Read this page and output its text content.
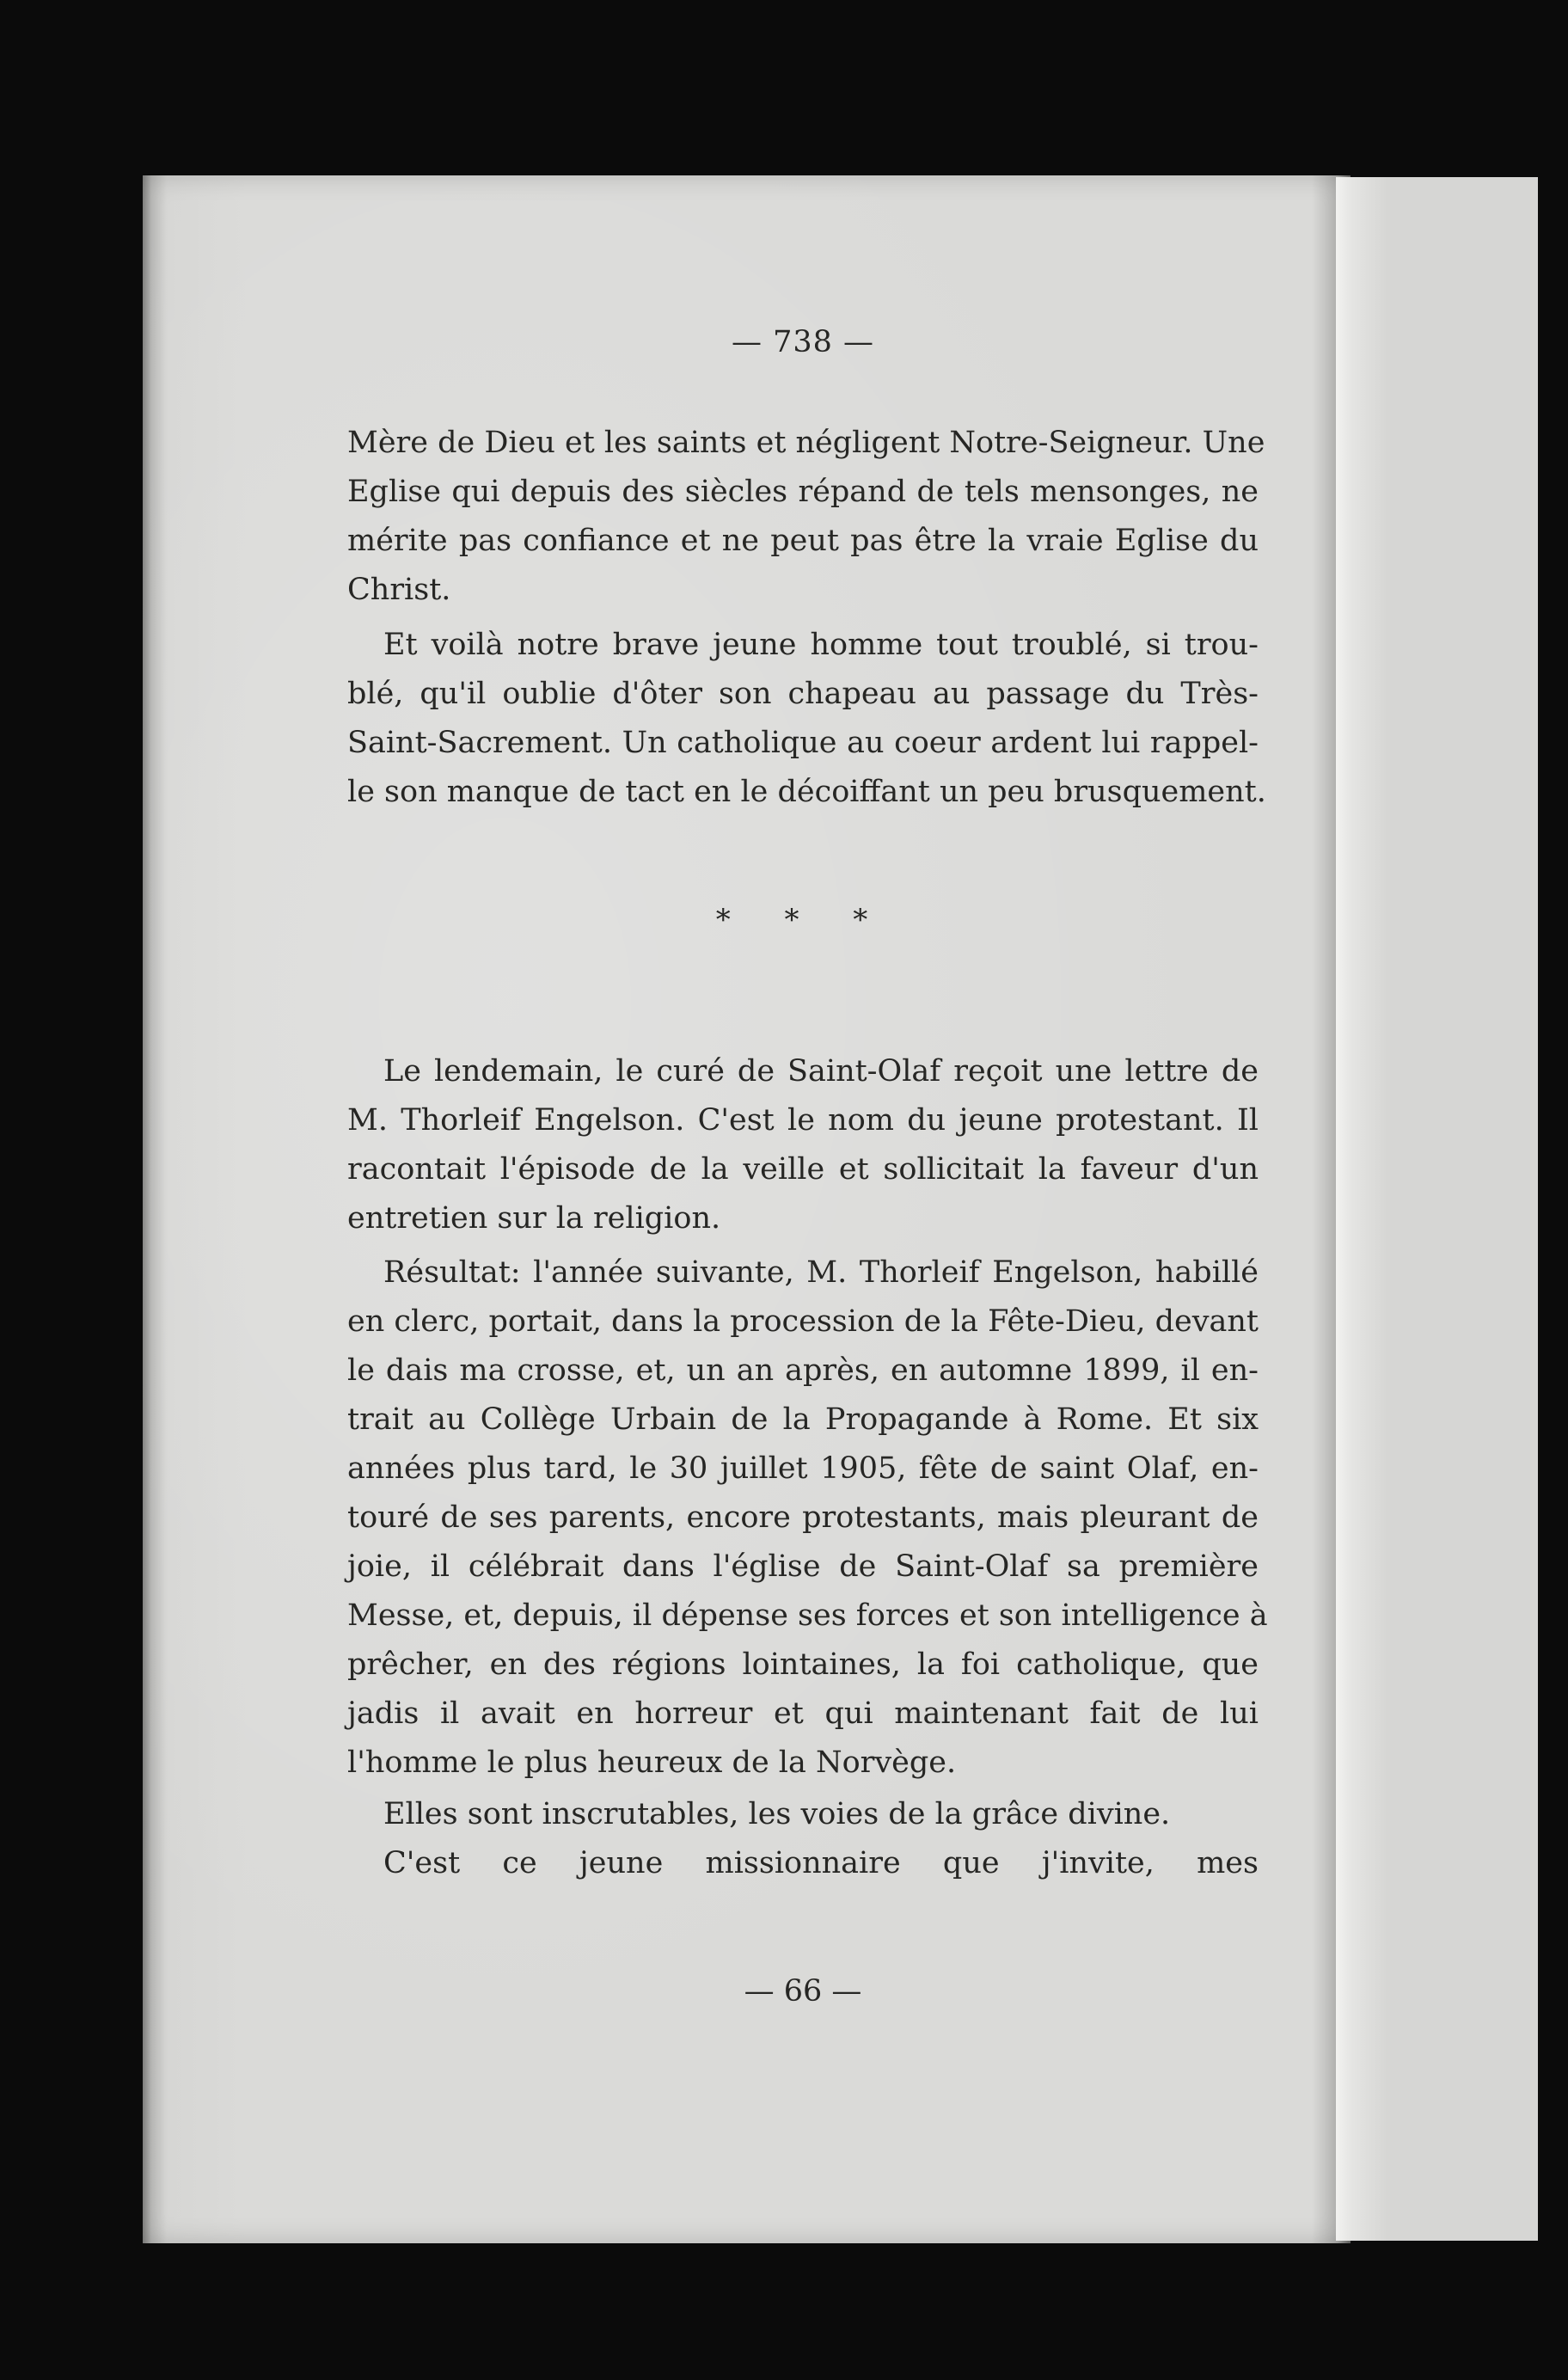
— 738 —
Mère de Dieu et les saints et négligent Notre-Seigneur. Une
Eglise qui depuis des siècles répand de tels mensonges, ne
mérite pas confiance et ne peut pas être la vraie Eglise du
Christ.
Et voilà notre brave jeune homme tout troublé, si trou-
blé, qu'il oublie d'ôter son chapeau au passage du Très-
Saint-Sacrement. Un catholique au coeur ardent lui rappel-
le son manque de tact en le décoiffant un peu brusquement.
* * *
Le lendemain, le curé de Saint-Olaf reçoit une lettre de
M. Thorleif Engelson. C'est le nom du jeune protestant. Il
racontait l'épisode de la veille et sollicitait la faveur d'un
entretien sur la religion.
Résultat: l'année suivante, M. Thorleif Engelson, habillé
en clerc, portait, dans la procession de la Fête-Dieu, devant
le dais ma crosse, et, un an après, en automne 1899, il en-
trait au Collège Urbain de la Propagande à Rome. Et six
années plus tard, le 30 juillet 1905, fête de saint Olaf, en-
touré de ses parents, encore protestants, mais pleurant de
joie, il célébrait dans l'église de Saint-Olaf sa première
Messe, et, depuis, il dépense ses forces et son intelligence à
prêcher, en des régions lointaines, la foi catholique, que
jadis il avait en horreur et qui maintenant fait de lui
l'homme le plus heureux de la Norvège.
Elles sont inscrutables, les voies de la grâce divine.
C'est ce jeune missionnaire que j'invite, mes
— 66 —
